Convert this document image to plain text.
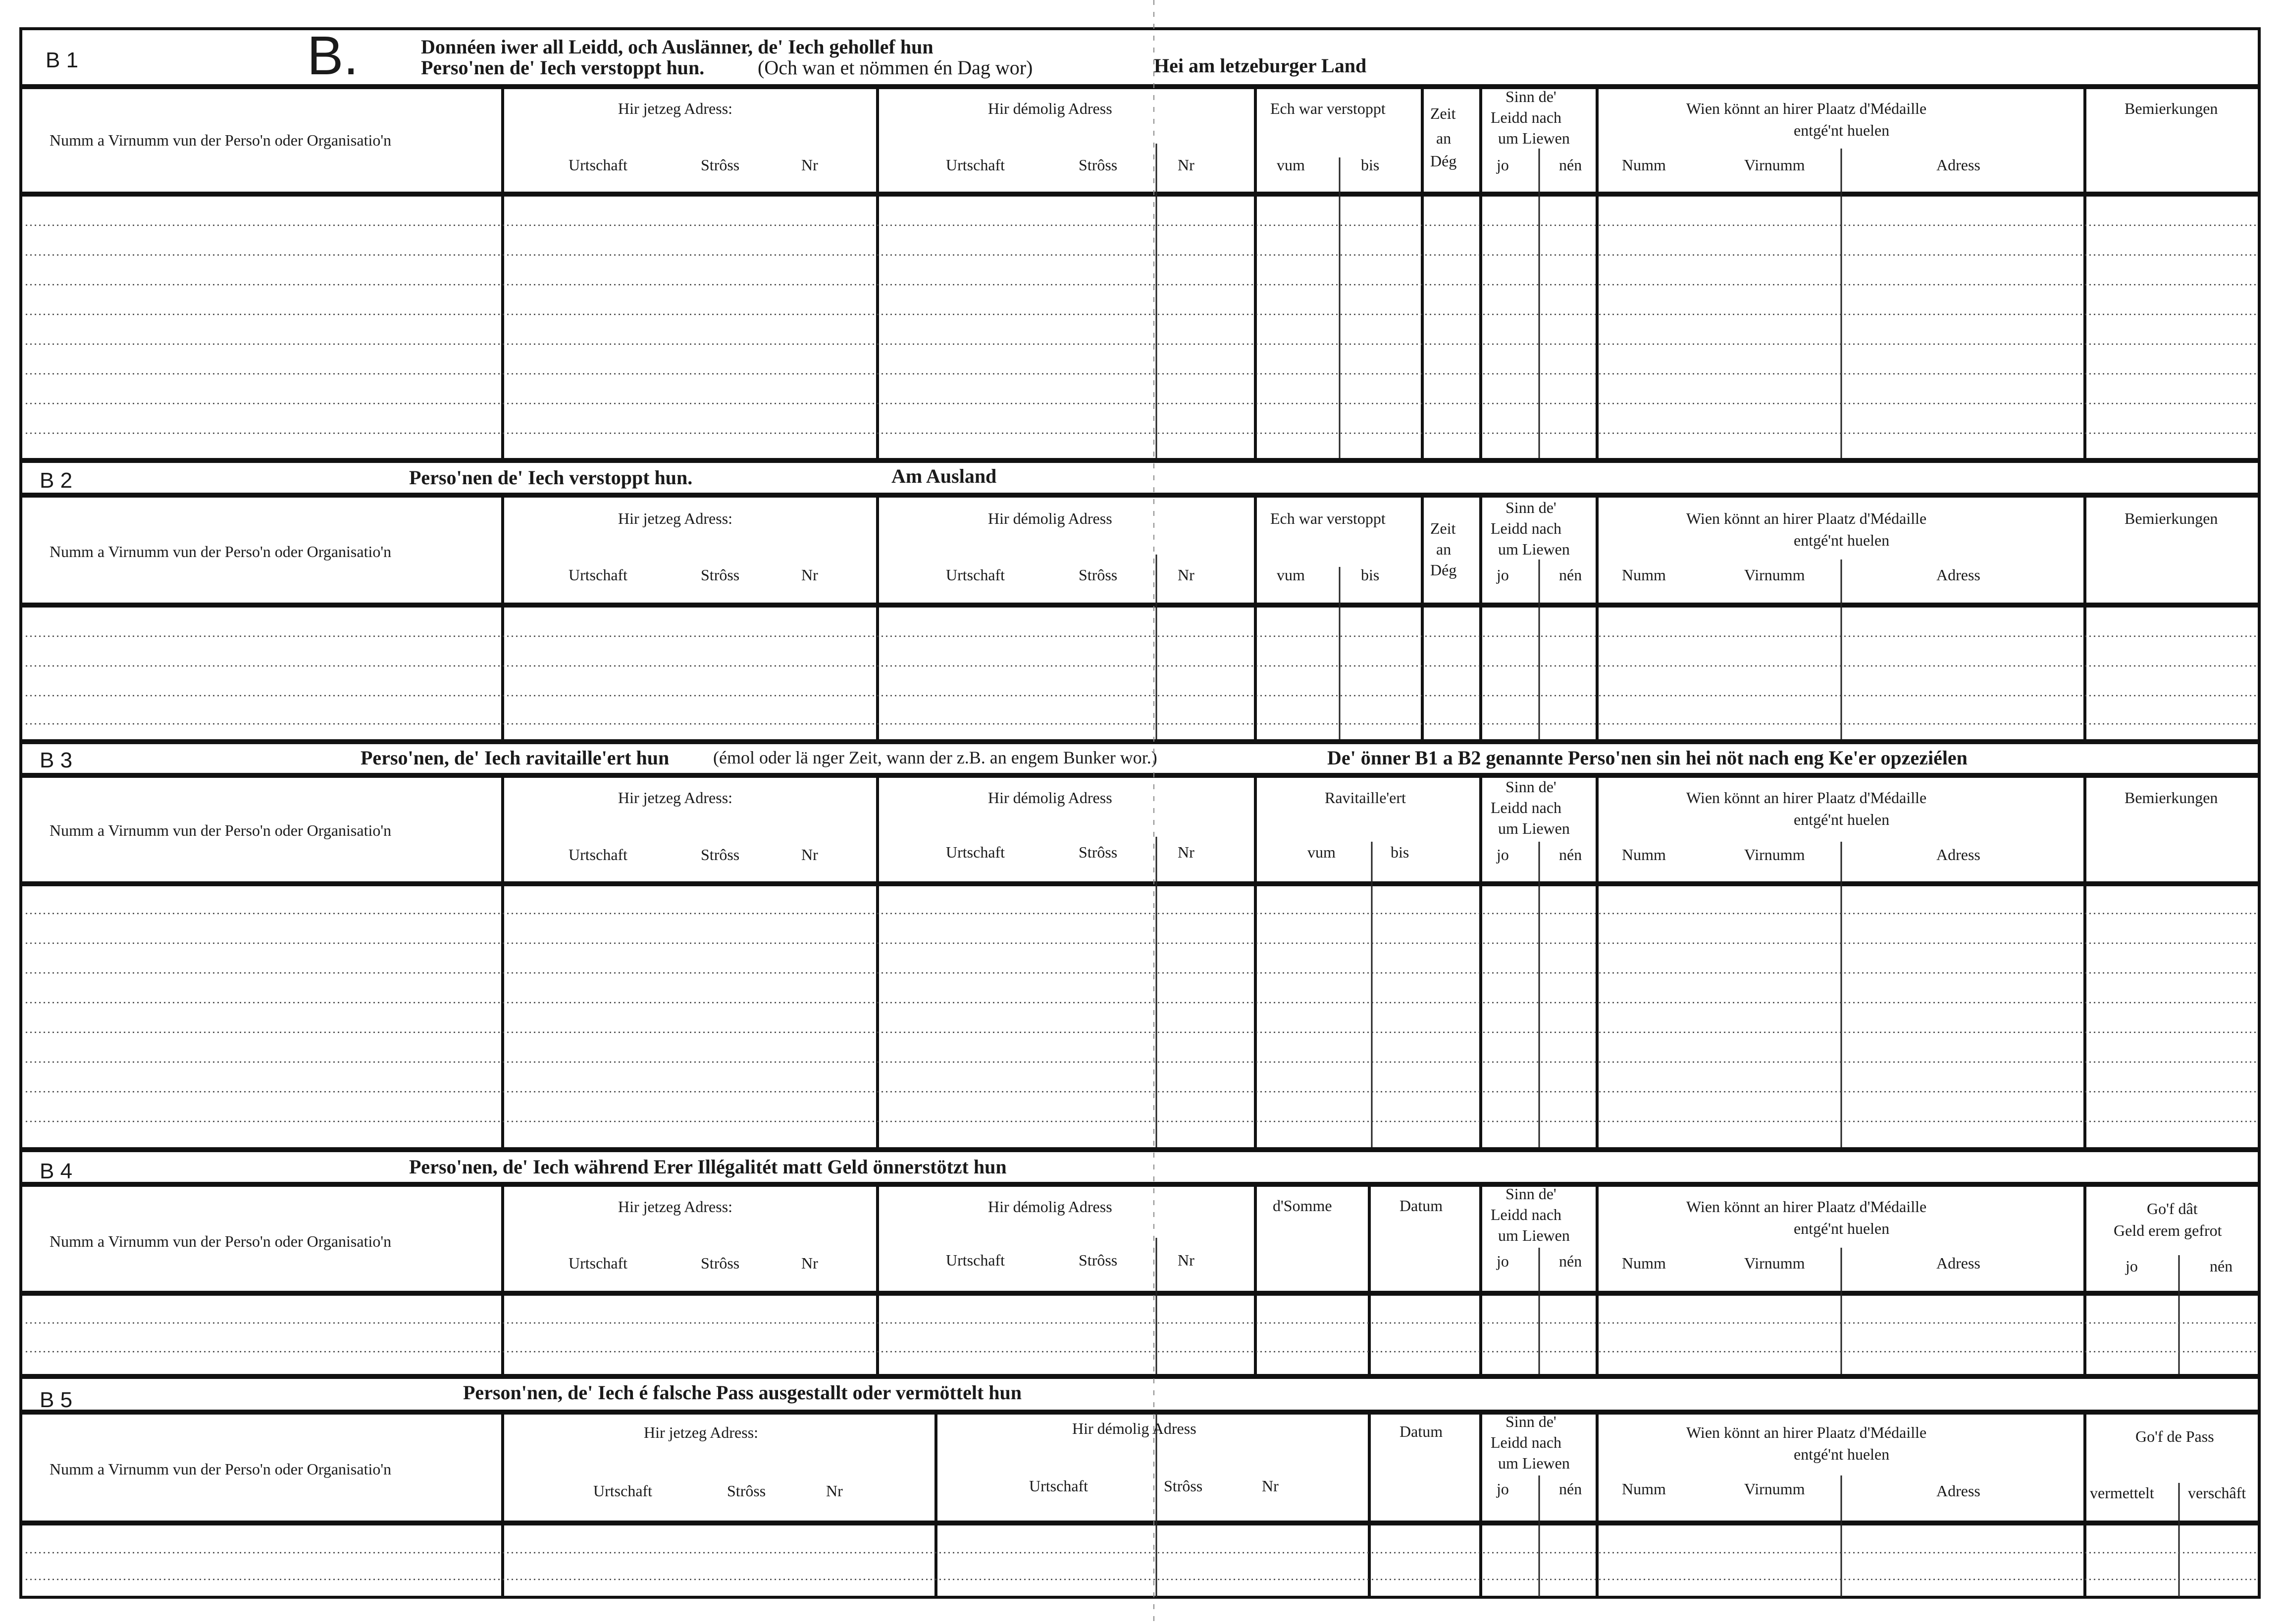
B 1	B.	Donnéen iwer all Leidd, och Auslänner, de' Iech gehollef hun
Perso'nen de' Iech verstoppt hun.	(Och wan et nömmen én Dag wor)	Hei am letzeburger Land
Numm a Virnumm vun der Perso'n oder Organisatio'n
Hir jetzeg Adress:
Urtschaft	Strôss	Nr
Hir démolig Adress
Urtschaft	Strôss	Nr
Ech war verstoppt
vum	bis
Zeit
an
Dég
Sinn de'
Leidd nach
um Liewen
jo	nén
Wien könnt an hirer Plaatz d'Médaille
entgé'nt huelen
Numm	Virnumm	Adress
Bemierkungen
B 2	Perso'nen de' Iech verstoppt hun.	Am Ausland
Numm a Virnumm vun der Perso'n oder Organisatio'n
Hir jetzeg Adress:
Urtschaft	Strôss	Nr
Hir démolig Adress
Urtschaft	Strôss	Nr
Ech war verstoppt
vum	bis
Zeit
an
Dég
Sinn de'
Leidd nach
um Liewen
jo	nén
Wien könnt an hirer Plaatz d'Médaille
entgé'nt huelen
Numm	Virnumm	Adress
Bemierkungen
B 3	Perso'nen, de' Iech ravitaille'ert hun (émol oder lä nger Zeit, wann der z.B. an engem Bunker wor.)	De' önner B1 a B2 genannte Perso'nen sin hei nöt nach eng Ke'er opzeziélen
Numm a Virnumm vun der Perso'n oder Organisatio'n
Hir jetzeg Adress:
Urtschaft	Strôss	Nr
Hir démolig Adress
Urtschaft	Strôss	Nr
Ravitaille'ert
vum	bis
Sinn de'
Leidd nach
um Liewen
jo	nén
Wien könnt an hirer Plaatz d'Médaille
entgé'nt huelen
Numm	Virnumm	Adress
Bemierkungen
B 4	Perso'nen, de' Iech während Erer Illégalitét matt Geld önnerstötzt hun
Numm a Virnumm vun der Perso'n oder Organisatio'n
Hir jetzeg Adress:
Urtschaft	Strôss	Nr
Hir démolig Adress
Urtschaft	Strôss	Nr
d'Somme	Datum
Sinn de'
Leidd nach
um Liewen
jo	nén
Wien könnt an hirer Plaatz d'Médaille
entgé'nt huelen
Numm	Virnumm	Adress
Go'f dât
Geld erem gefrot
jo	nén
B 5	Person'nen, de' Iech é falsche Pass ausgestallt oder vermöttelt hun
Numm a Virnumm vun der Perso'n oder Organisatio'n
Hir jetzeg Adress:
Urtschaft	Strôss	Nr
Hir démolig Adress
Urtschaft	Strôss	Nr
Datum
Sinn de'
Leidd nach
um Liewen
jo	nén
Wien könnt an hirer Plaatz d'Médaille
entgé'nt huelen
Numm	Virnumm	Adress
Go'f de Pass
vermettelt verschâft
